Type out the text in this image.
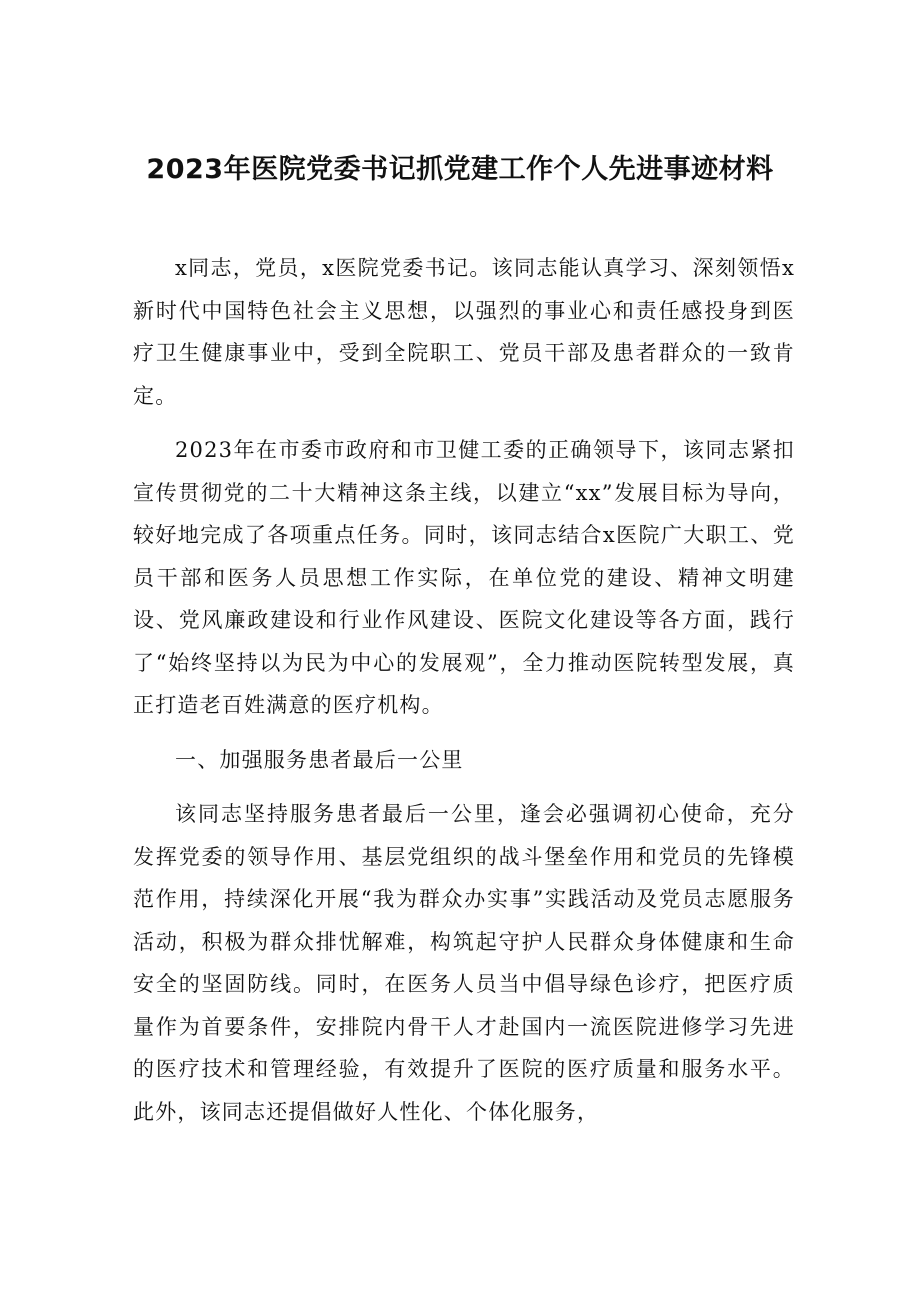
2023年医院党委书记抓党建工作个人先进事迹材料

x同志，党员，x医院党委书记。该同志能认真学习、深刻领悟x新时代中国特色社会主义思想，以强烈的事业心和责任感投身到医疗卫生健康事业中，受到全院职工、党员干部及患者群众的一致肯定。

2023年在市委市政府和市卫健工委的正确领导下，该同志紧扣宣传贯彻党的二十大精神这条主线，以建立“xx”发展目标为导向，较好地完成了各项重点任务。同时，该同志结合x医院广大职工、党员干部和医务人员思想工作实际，在单位党的建设、精神文明建设、党风廉政建设和行业作风建设、医院文化建设等各方面，践行了“始终坚持以为民为中心的发展观”，全力推动医院转型发展，真正打造老百姓满意的医疗机构。

一、加强服务患者最后一公里

该同志坚持服务患者最后一公里，逢会必强调初心使命，充分发挥党委的领导作用、基层党组织的战斗堡垒作用和党员的先锋模范作用，持续深化开展“我为群众办实事”实践活动及党员志愿服务活动，积极为群众排忧解难，构筑起守护人民群众身体健康和生命安全的坚固防线。同时，在医务人员当中倡导绿色诊疗，把医疗质量作为首要条件，安排院内骨干人才赴国内一流医院进修学习先进的医疗技术和管理经验，有效提升了医院的医疗质量和服务水平。此外，该同志还提倡做好人性化、个体化服务，
